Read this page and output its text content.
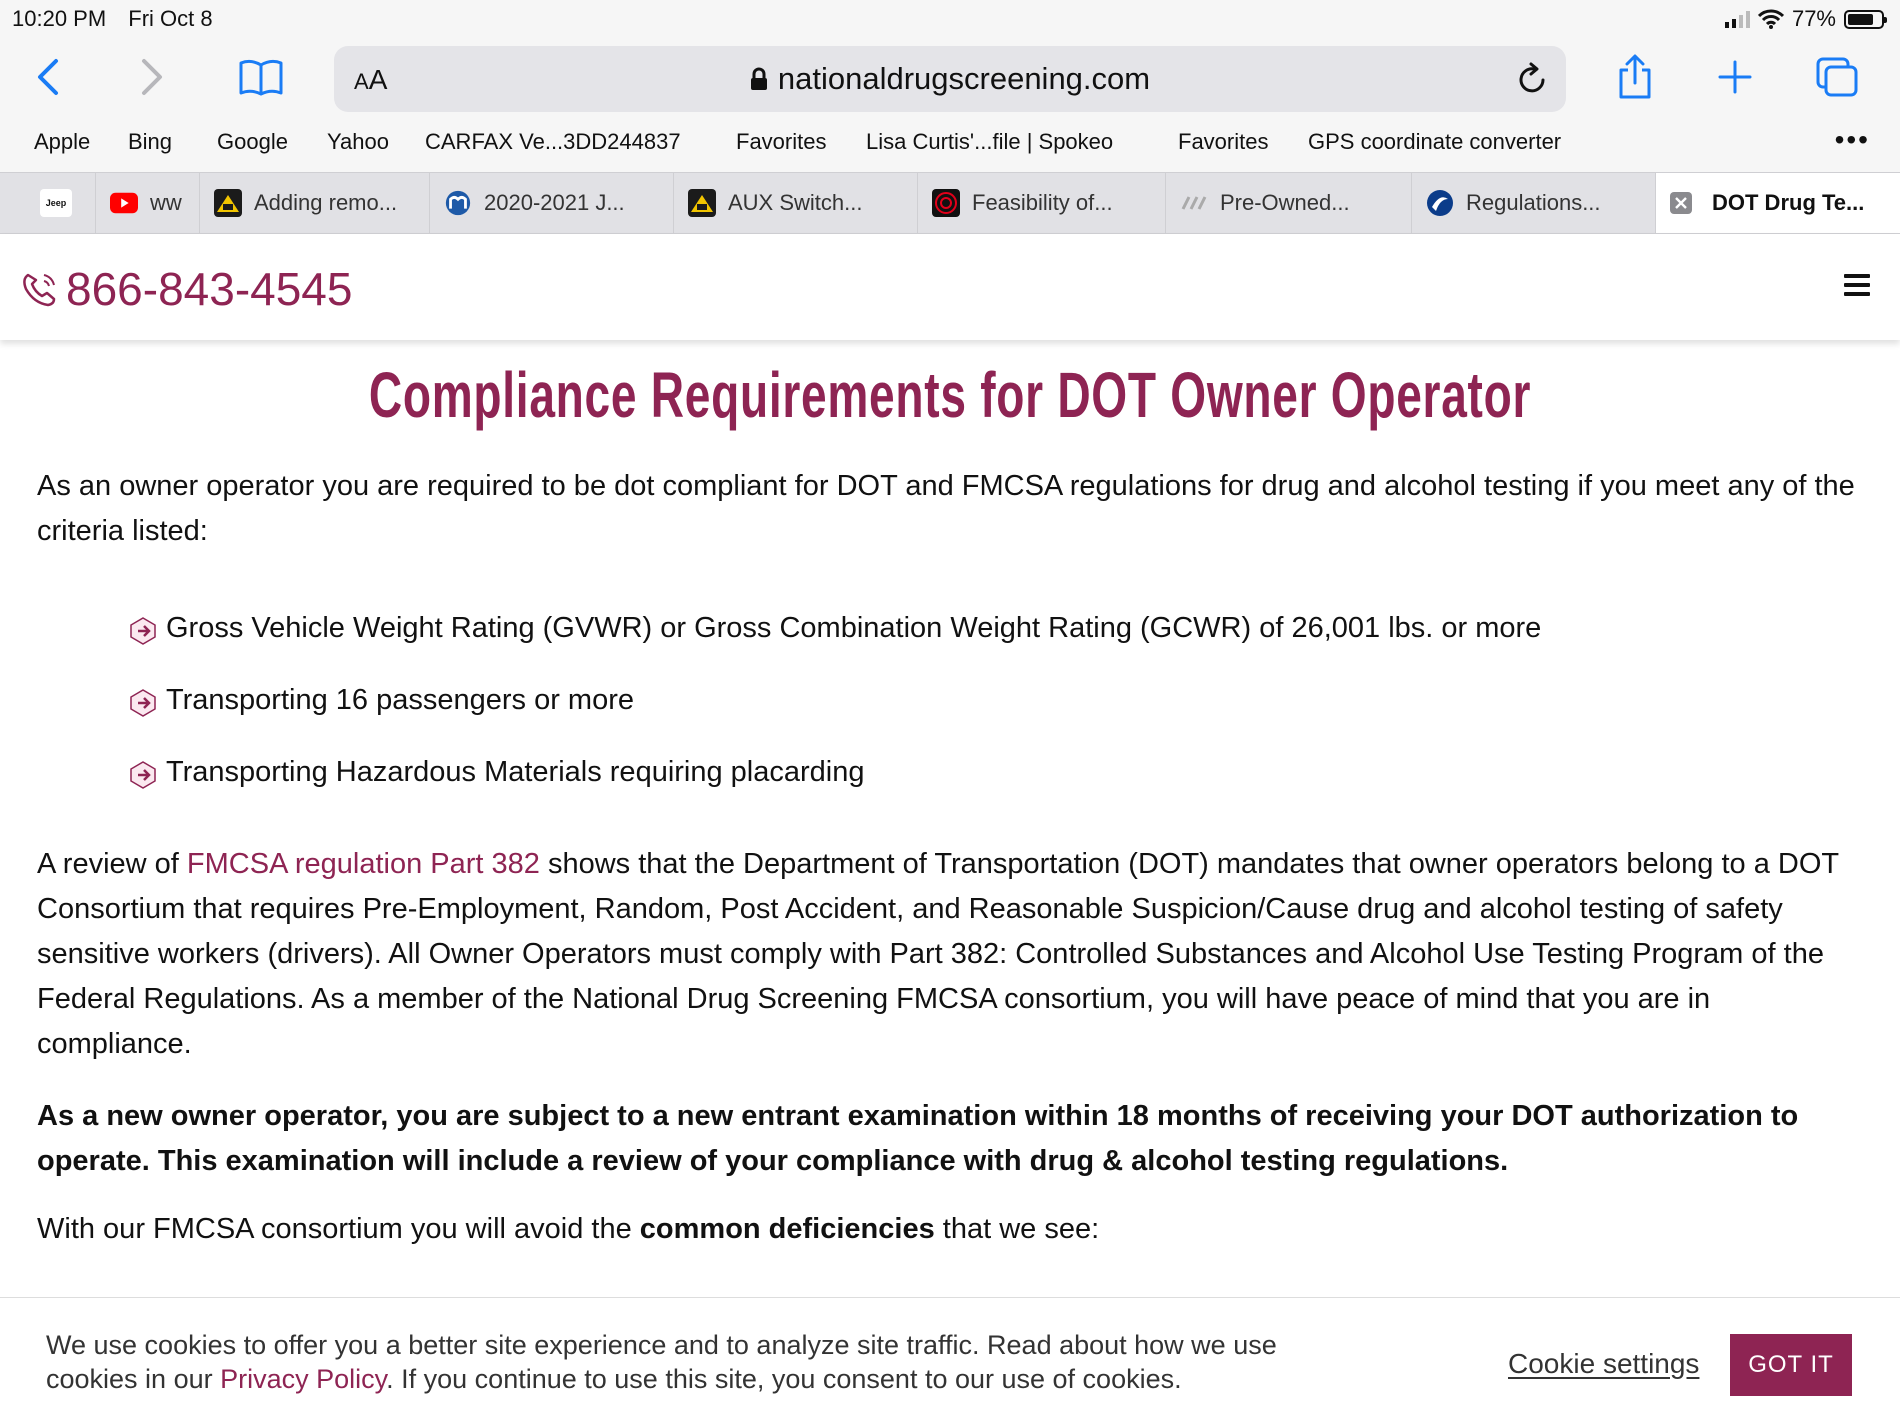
10:20 PM Fri Oct 8	77%
AA	nationaldrugscreening.com
Apple Bing Google Yahoo CARFAX Ve...3DD244837	Favorites Lisa Curtis'...file | Spokeo	Favorites GPS coordinate converter	•••
Jeep	ww	Adding remo...	2020-2021 J...	AUX Switch...	Feasibility of...	Pre-Owned...	Regulations...	DOT Drug Te...
866-843-4545
Compliance Requirements for DOT Owner Operator

As an owner operator you are required to be dot compliant for DOT and FMCSA regulations for drug and alcohol testing if you meet any of the criteria listed:

Gross Vehicle Weight Rating (GVWR) or Gross Combination Weight Rating (GCWR) of 26,001 lbs. or more
Transporting 16 passengers or more
Transporting Hazardous Materials requiring placarding

A review of FMCSA regulation Part 382 shows that the Department of Transportation (DOT) mandates that owner operators belong to a DOT Consortium that requires Pre-Employment, Random, Post Accident, and Reasonable Suspicion/Cause drug and alcohol testing of safety sensitive workers (drivers). All Owner Operators must comply with Part 382: Controlled Substances and Alcohol Use Testing Program of the Federal Regulations. As a member of the National Drug Screening FMCSA consortium, you will have peace of mind that you are in compliance.

As a new owner operator, you are subject to a new entrant examination within 18 months of receiving your DOT authorization to operate. This examination will include a review of your compliance with drug & alcohol testing regulations.

With our FMCSA consortium you will avoid the common deficiencies that we see:

We use cookies to offer you a better site experience and to analyze site traffic. Read about how we use cookies in our Privacy Policy. If you continue to use this site, you consent to our use of cookies.	Cookie settings	GOT IT
